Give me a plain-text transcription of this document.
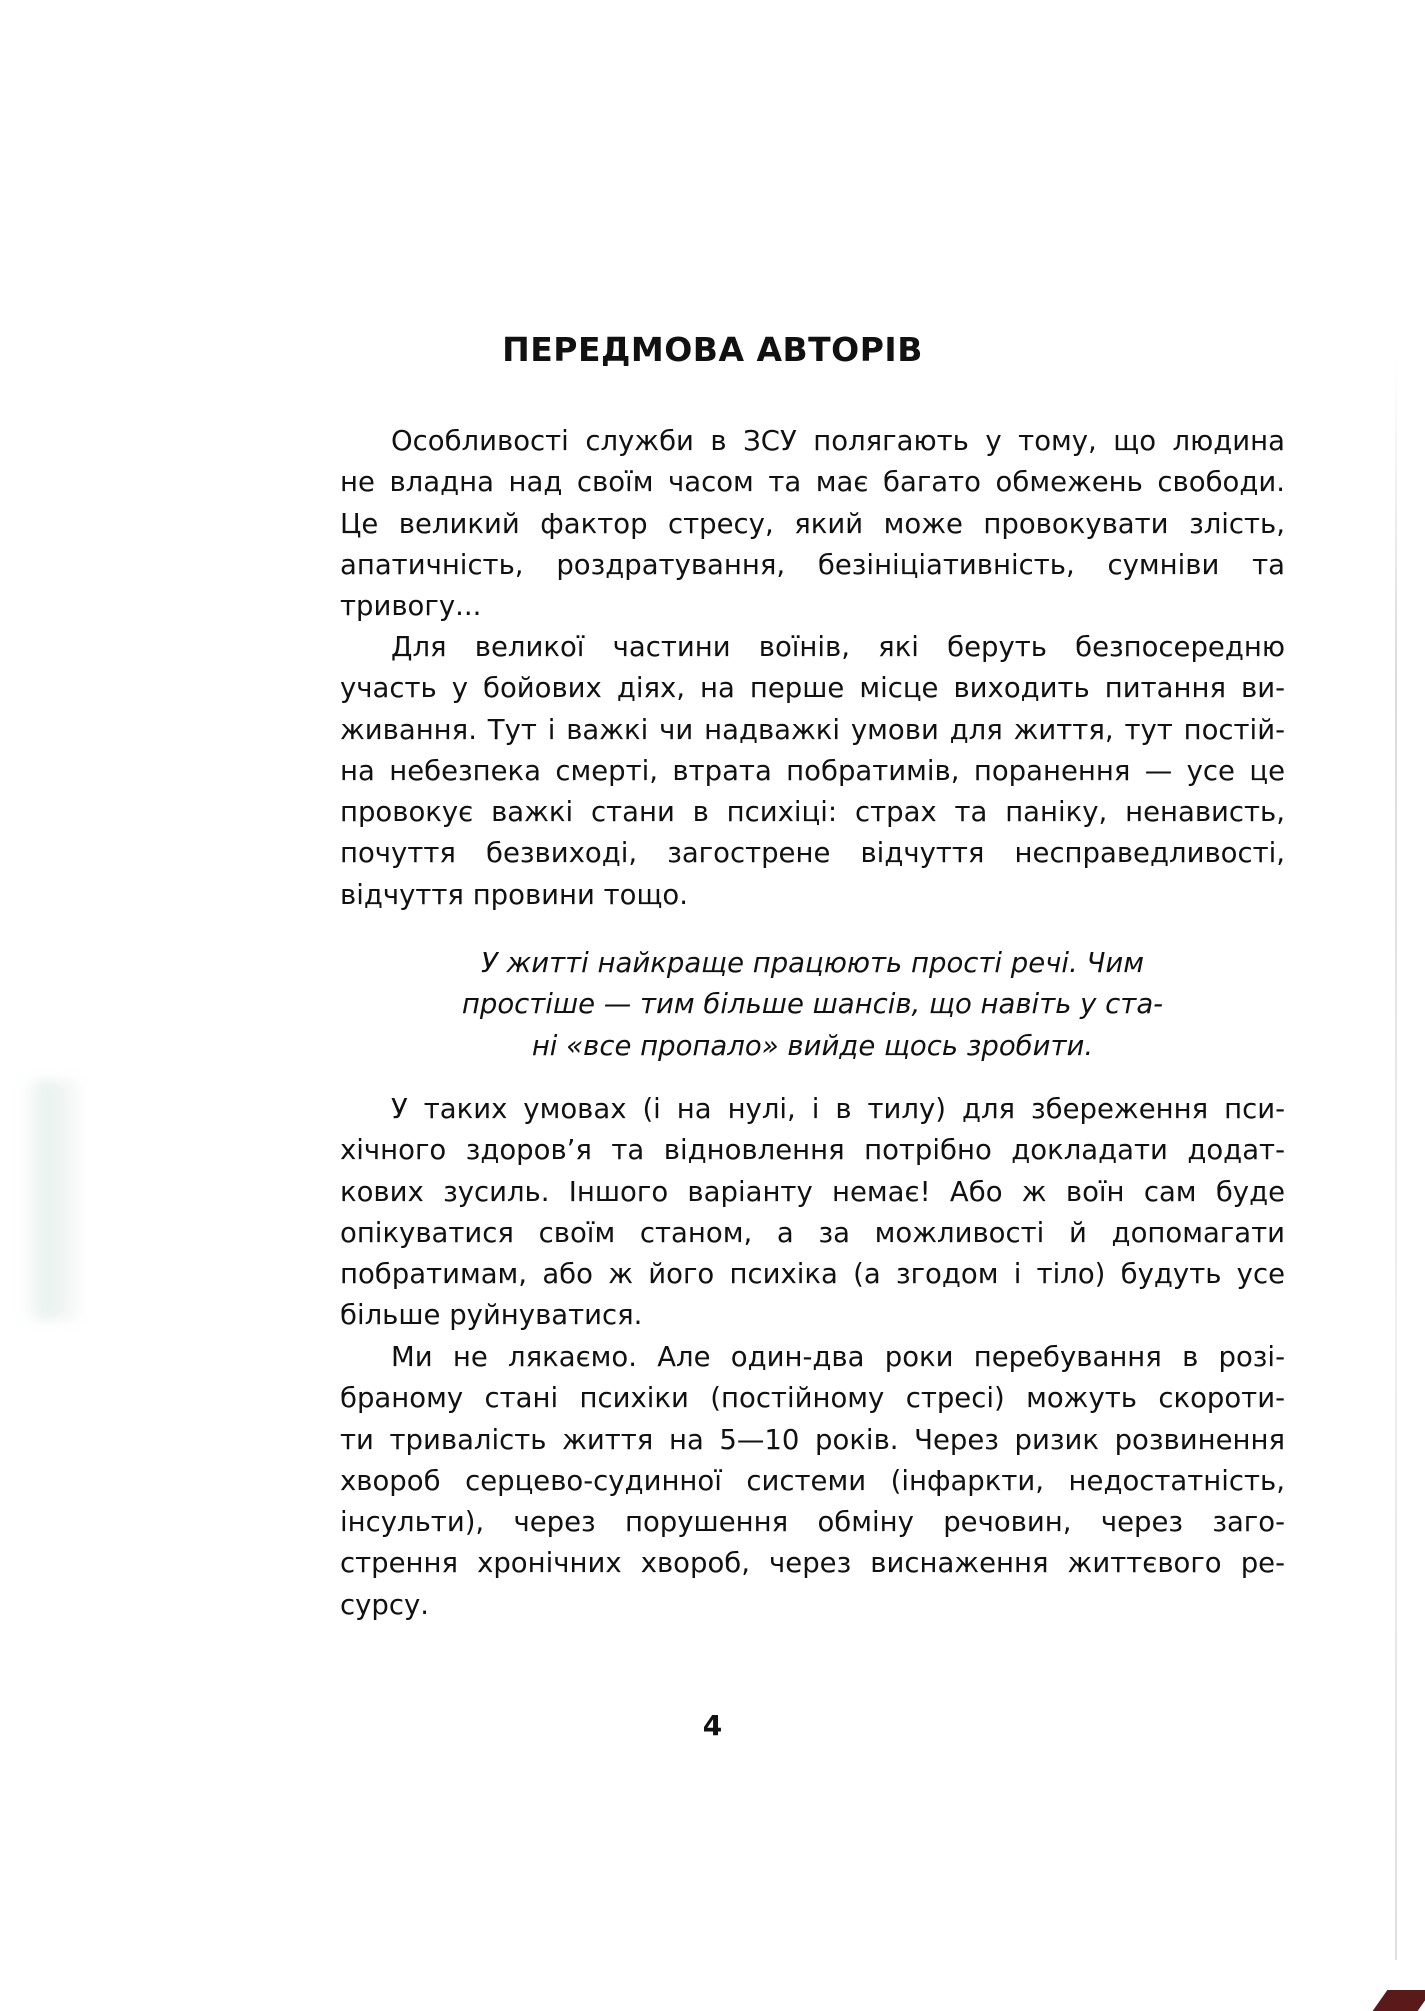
ПЕРЕДМОВА АВТОРІВ
Особливості служби в ЗСУ полягають у тому, що людина
не владна над своїм часом та має багато обмежень свободи.
Це великий фактор стресу, який може провокувати злість,
апатичність, роздратування, безініціативність, сумніви та
тривогу...
Для великої частини воїнів, які беруть безпосередню
участь у бойових діях, на перше місце виходить питання ви-
живання. Тут і важкі чи надважкі умови для життя, тут постій-
на небезпека смерті, втрата побратимів, поранення — усе це
провокує важкі стани в психіці: страх та паніку, ненависть,
почуття безвиході, загострене відчуття несправедливості,
відчуття провини тощо.
У житті найкраще працюють прості речі. Чим
простіше — тим більше шансів, що навіть у ста-
ні «все пропало» вийде щось зробити.
У таких умовах (і на нулі, і в тилу) для збереження пси-
хічного здоров’я та відновлення потрібно докладати додат-
кових зусиль. Іншого варіанту немає! Або ж воїн сам буде
опікуватися своїм станом, а за можливості й допомагати
побратимам, або ж його психіка (а згодом і тіло) будуть усе
більше руйнуватися.
Ми не лякаємо. Але один-два роки перебування в розі-
браному стані психіки (постійному стресі) можуть скороти-
ти тривалість життя на 5—10 років. Через ризик розвинення
хвороб серцево-судинної системи (інфаркти, недостатність,
інсульти), через порушення обміну речовин, через заго-
стрення хронічних хвороб, через виснаження життєвого ре-
сурсу.
4
